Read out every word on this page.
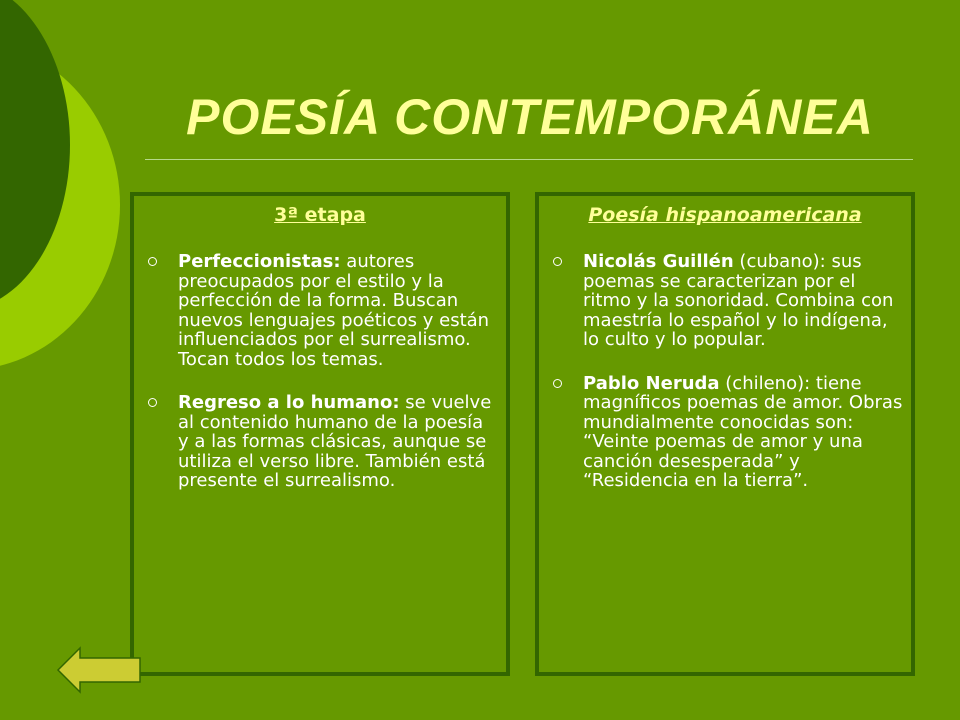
POESÍA CONTEMPORÁNEA
3ª etapa
Perfeccionistas: autores preocupados por el estilo y la perfección de la forma. Buscan nuevos lenguajes poéticos y están influenciados por el surrealismo. Tocan todos los temas.
Regreso a lo humano: se vuelve al contenido humano de la poesía y a las formas clásicas, aunque se utiliza el verso libre. También está presente el surrealismo.
Poesía hispanoamericana
Nicolás Guillén (cubano): sus poemas se caracterizan por el ritmo y la sonoridad. Combina con maestría lo español y lo indígena, lo culto y lo popular.
Pablo Neruda (chileno): tiene magníficos poemas de amor. Obras mundialmente conocidas son: “Veinte poemas de amor y una canción desesperada” y “Residencia en la tierra”.
